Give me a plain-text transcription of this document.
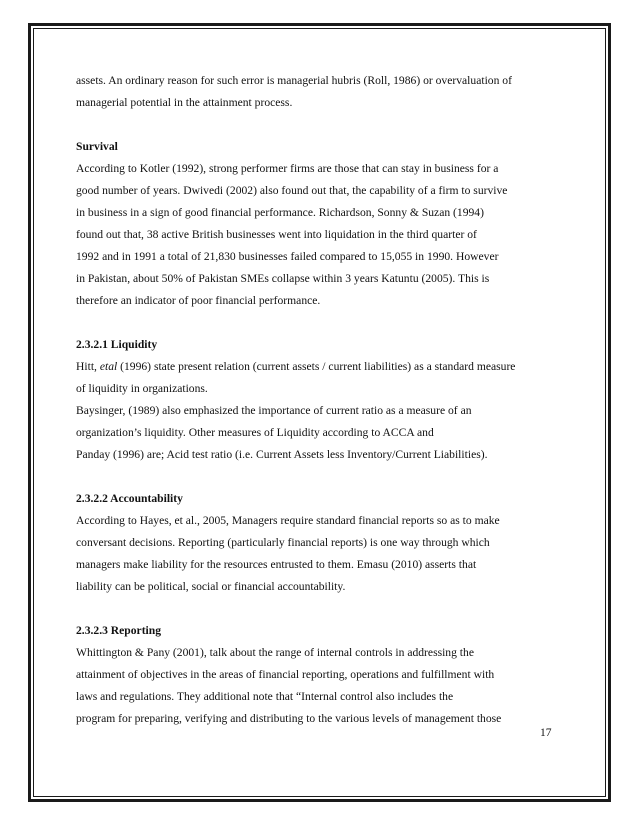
assets. An ordinary reason for such error is managerial hubris (Roll, 1986) or overvaluation of
managerial potential in the attainment process.
Survival
According to Kotler (1992), strong performer firms are those that can stay in business for a
good number of years. Dwivedi (2002) also found out that, the capability of a firm to survive
in business in a sign of good financial performance. Richardson, Sonny & Suzan (1994)
found out that, 38 active British businesses went into liquidation in the third quarter of
1992 and in 1991 a total of 21,830 businesses failed compared to 15,055 in 1990. However
in Pakistan, about 50% of Pakistan SMEs collapse within 3 years Katuntu (2005). This is
therefore an indicator of poor financial performance.
2.3.2.1 Liquidity
Hitt, etal (1996) state present relation (current assets / current liabilities) as a standard measure
of liquidity in organizations.
Baysinger, (1989) also emphasized the importance of current ratio as a measure of an
organization’s liquidity. Other measures of Liquidity according to ACCA and
Panday (1996) are; Acid test ratio (i.e. Current Assets less Inventory/Current Liabilities).
2.3.2.2 Accountability
According to Hayes, et al., 2005, Managers require standard financial reports so as to make
conversant decisions. Reporting (particularly financial reports) is one way through which
managers make liability for the resources entrusted to them. Emasu (2010) asserts that
liability can be political, social or financial accountability.
2.3.2.3 Reporting
Whittington & Pany (2001), talk about the range of internal controls in addressing the
attainment of objectives in the areas of financial reporting, operations and fulfillment with
laws and regulations. They additional note that “Internal control also includes the
program for preparing, verifying and distributing to the various levels of management those
17
